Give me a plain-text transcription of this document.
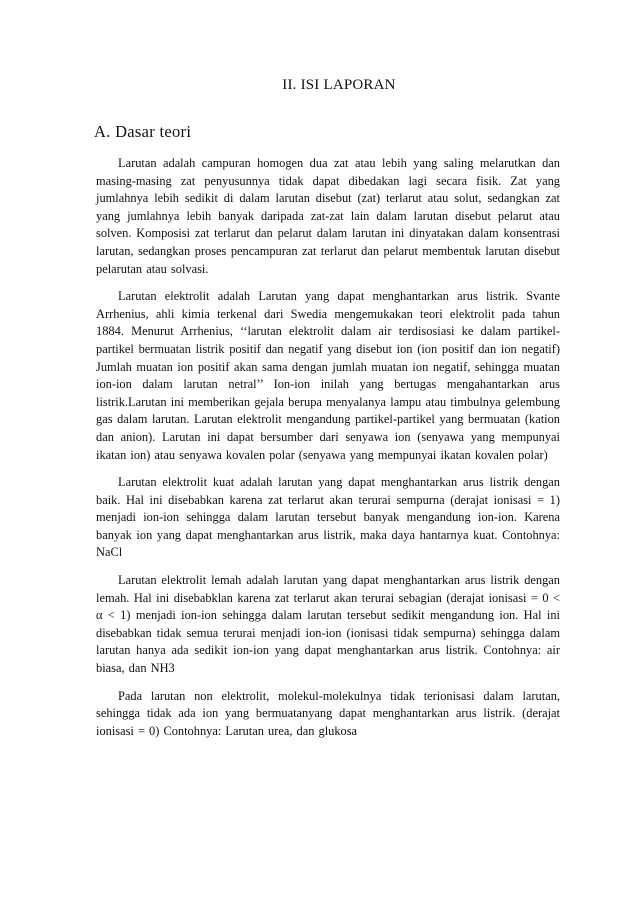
II. ISI LAPORAN
A. Dasar teori

Larutan adalah campuran homogen dua zat atau lebih yang saling melarutkan dan masing-masing zat penyusunnya tidak dapat dibedakan lagi secara fisik. Zat yang jumlahnya lebih sedikit di dalam larutan disebut (zat) terlarut atau solut, sedangkan zat yang jumlahnya lebih banyak daripada zat-zat lain dalam larutan disebut pelarut atau solven. Komposisi zat terlarut dan pelarut dalam larutan ini dinyatakan dalam konsentrasi larutan, sedangkan proses pencampuran zat terlarut dan pelarut membentuk larutan disebut pelarutan atau solvasi.

Larutan elektrolit adalah Larutan yang dapat menghantarkan arus listrik. Svante Arrhenius, ahli kimia terkenal dari Swedia mengemukakan teori elektrolit pada tahun 1884. Menurut Arrhenius, ‘‘larutan elektrolit dalam air terdisosiasi ke dalam partikel-partikel bermuatan listrik positif dan negatif yang disebut ion (ion positif dan ion negatif) Jumlah muatan ion positif akan sama dengan jumlah muatan ion negatif, sehingga muatan ion-ion dalam larutan netral’’ Ion-ion inilah yang bertugas mengahantarkan arus listrik.Larutan ini memberikan gejala berupa menyalanya lampu atau timbulnya gelembung gas dalam larutan. Larutan elektrolit mengandung partikel-partikel yang bermuatan (kation dan anion). Larutan ini dapat bersumber dari senyawa ion (senyawa yang mempunyai ikatan ion) atau senyawa kovalen polar (senyawa yang mempunyai ikatan kovalen polar)

Larutan elektrolit kuat adalah larutan yang dapat menghantarkan arus listrik dengan baik. Hal ini disebabkan karena zat terlarut akan terurai sempurna (derajat ionisasi = 1) menjadi ion-ion sehingga dalam larutan tersebut banyak mengandung ion-ion. Karena banyak ion yang dapat menghantarkan arus listrik, maka daya hantarnya kuat. Contohnya: NaCl

Larutan elektrolit lemah adalah larutan yang dapat menghantarkan arus listrik dengan lemah. Hal ini disebabklan karena zat terlarut akan terurai sebagian (derajat ionisasi = 0 < α < 1) menjadi ion-ion sehingga dalam larutan tersebut sedikit mengandung ion. Hal ini disebabkan tidak semua terurai menjadi ion-ion (ionisasi tidak sempurna) sehingga dalam larutan hanya ada sedikit ion-ion yang dapat menghantarkan arus listrik. Contohnya: air biasa, dan NH3

Pada larutan non elektrolit, molekul-molekulnya tidak terionisasi dalam larutan, sehingga tidak ada ion yang bermuatanyang dapat menghantarkan arus listrik. (derajat ionisasi = 0) Contohnya: Larutan urea, dan glukosa
